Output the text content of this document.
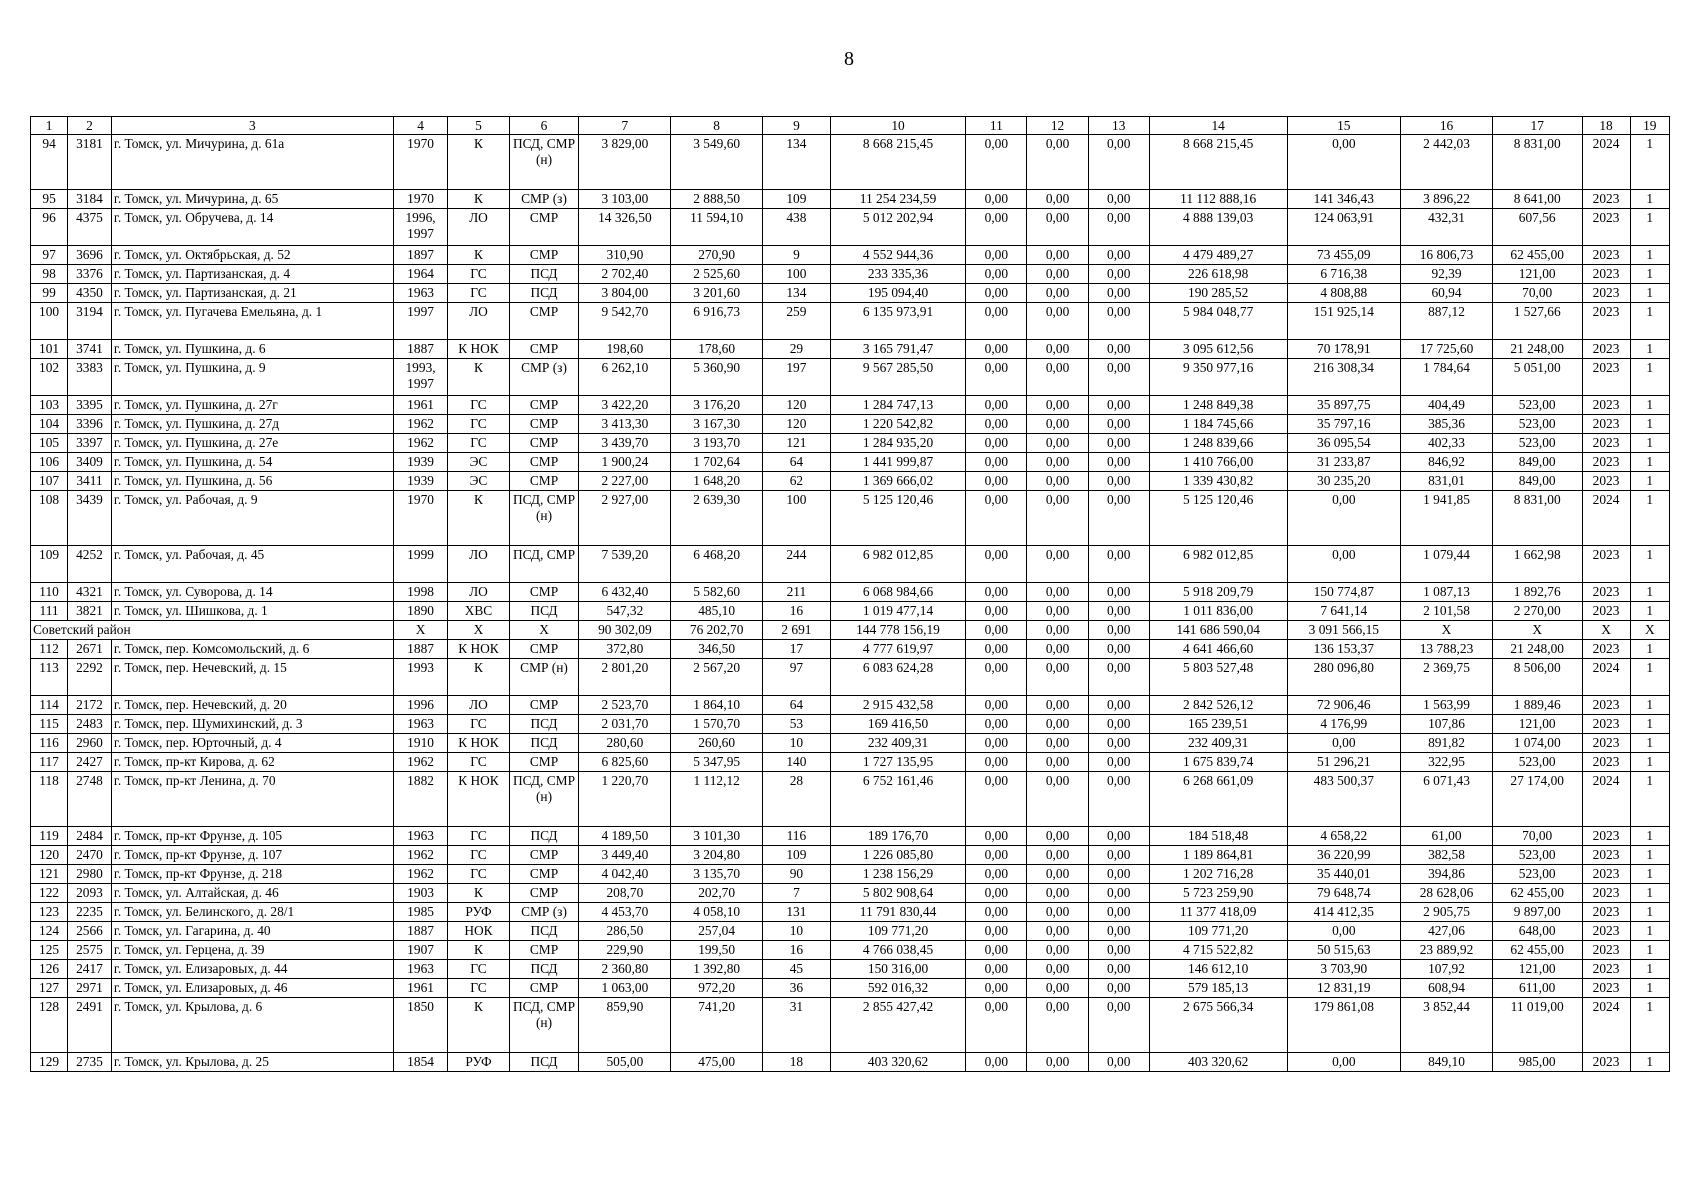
8
1	2	3	4	5	6	7	8	9	10	11	12	13	14	15	16	17	18	19
94	3181	г. Томск, ул. Мичурина, д. 61а	1970	К	ПСД, СМР (н)	3 829,00	3 549,60	134	8 668 215,45	0,00	0,00	0,00	8 668 215,45	0,00	2 442,03	8 831,00	2024	1
95	3184	г. Томск, ул. Мичурина, д. 65	1970	К	СМР (з)	3 103,00	2 888,50	109	11 254 234,59	0,00	0,00	0,00	11 112 888,16	141 346,43	3 896,22	8 641,00	2023	1
96	4375	г. Томск, ул. Обручева, д. 14	1996, 1997	ЛО	СМР	14 326,50	11 594,10	438	5 012 202,94	0,00	0,00	0,00	4 888 139,03	124 063,91	432,31	607,56	2023	1
97	3696	г. Томск, ул. Октябрьская, д. 52	1897	К	СМР	310,90	270,90	9	4 552 944,36	0,00	0,00	0,00	4 479 489,27	73 455,09	16 806,73	62 455,00	2023	1
98	3376	г. Томск, ул. Партизанская, д. 4	1964	ГС	ПСД	2 702,40	2 525,60	100	233 335,36	0,00	0,00	0,00	226 618,98	6 716,38	92,39	121,00	2023	1
99	4350	г. Томск, ул. Партизанская, д. 21	1963	ГС	ПСД	3 804,00	3 201,60	134	195 094,40	0,00	0,00	0,00	190 285,52	4 808,88	60,94	70,00	2023	1
100	3194	г. Томск, ул. Пугачева Емельяна, д. 1	1997	ЛО	СМР	9 542,70	6 916,73	259	6 135 973,91	0,00	0,00	0,00	5 984 048,77	151 925,14	887,12	1 527,66	2023	1
101	3741	г. Томск, ул. Пушкина, д. 6	1887	К НОК	СМР	198,60	178,60	29	3 165 791,47	0,00	0,00	0,00	3 095 612,56	70 178,91	17 725,60	21 248,00	2023	1
102	3383	г. Томск, ул. Пушкина, д. 9	1993, 1997	К	СМР (з)	6 262,10	5 360,90	197	9 567 285,50	0,00	0,00	0,00	9 350 977,16	216 308,34	1 784,64	5 051,00	2023	1
103	3395	г. Томск, ул. Пушкина, д. 27г	1961	ГС	СМР	3 422,20	3 176,20	120	1 284 747,13	0,00	0,00	0,00	1 248 849,38	35 897,75	404,49	523,00	2023	1
104	3396	г. Томск, ул. Пушкина, д. 27д	1962	ГС	СМР	3 413,30	3 167,30	120	1 220 542,82	0,00	0,00	0,00	1 184 745,66	35 797,16	385,36	523,00	2023	1
105	3397	г. Томск, ул. Пушкина, д. 27е	1962	ГС	СМР	3 439,70	3 193,70	121	1 284 935,20	0,00	0,00	0,00	1 248 839,66	36 095,54	402,33	523,00	2023	1
106	3409	г. Томск, ул. Пушкина, д. 54	1939	ЭС	СМР	1 900,24	1 702,64	64	1 441 999,87	0,00	0,00	0,00	1 410 766,00	31 233,87	846,92	849,00	2023	1
107	3411	г. Томск, ул. Пушкина, д. 56	1939	ЭС	СМР	2 227,00	1 648,20	62	1 369 666,02	0,00	0,00	0,00	1 339 430,82	30 235,20	831,01	849,00	2023	1
108	3439	г. Томск, ул. Рабочая, д. 9	1970	К	ПСД, СМР (н)	2 927,00	2 639,30	100	5 125 120,46	0,00	0,00	0,00	5 125 120,46	0,00	1 941,85	8 831,00	2024	1
109	4252	г. Томск, ул. Рабочая, д. 45	1999	ЛО	ПСД, СМР	7 539,20	6 468,20	244	6 982 012,85	0,00	0,00	0,00	6 982 012,85	0,00	1 079,44	1 662,98	2023	1
110	4321	г. Томск, ул. Суворова, д. 14	1998	ЛО	СМР	6 432,40	5 582,60	211	6 068 984,66	0,00	0,00	0,00	5 918 209,79	150 774,87	1 087,13	1 892,76	2023	1
111	3821	г. Томск, ул. Шишкова, д. 1	1890	ХВС	ПСД	547,32	485,10	16	1 019 477,14	0,00	0,00	0,00	1 011 836,00	7 641,14	2 101,58	2 270,00	2023	1
Советский район			Х	Х	Х	90 302,09	76 202,70	2 691	144 778 156,19	0,00	0,00	0,00	141 686 590,04	3 091 566,15	Х	Х	Х	Х
112	2671	г. Томск, пер. Комсомольский, д. 6	1887	К НОК	СМР	372,80	346,50	17	4 777 619,97	0,00	0,00	0,00	4 641 466,60	136 153,37	13 788,23	21 248,00	2023	1
113	2292	г. Томск, пер. Нечевский, д. 15	1993	К	СМР (н)	2 801,20	2 567,20	97	6 083 624,28	0,00	0,00	0,00	5 803 527,48	280 096,80	2 369,75	8 506,00	2024	1
114	2172	г. Томск, пер. Нечевский, д. 20	1996	ЛО	СМР	2 523,70	1 864,10	64	2 915 432,58	0,00	0,00	0,00	2 842 526,12	72 906,46	1 563,99	1 889,46	2023	1
115	2483	г. Томск, пер. Шумихинский, д. 3	1963	ГС	ПСД	2 031,70	1 570,70	53	169 416,50	0,00	0,00	0,00	165 239,51	4 176,99	107,86	121,00	2023	1
116	2960	г. Томск, пер. Юрточный, д. 4	1910	К НОК	ПСД	280,60	260,60	10	232 409,31	0,00	0,00	0,00	232 409,31	0,00	891,82	1 074,00	2023	1
117	2427	г. Томск, пр-кт Кирова, д. 62	1962	ГС	СМР	6 825,60	5 347,95	140	1 727 135,95	0,00	0,00	0,00	1 675 839,74	51 296,21	322,95	523,00	2023	1
118	2748	г. Томск, пр-кт Ленина, д. 70	1882	К НОК	ПСД, СМР (н)	1 220,70	1 112,12	28	6 752 161,46	0,00	0,00	0,00	6 268 661,09	483 500,37	6 071,43	27 174,00	2024	1
119	2484	г. Томск, пр-кт Фрунзе, д. 105	1963	ГС	ПСД	4 189,50	3 101,30	116	189 176,70	0,00	0,00	0,00	184 518,48	4 658,22	61,00	70,00	2023	1
120	2470	г. Томск, пр-кт Фрунзе, д. 107	1962	ГС	СМР	3 449,40	3 204,80	109	1 226 085,80	0,00	0,00	0,00	1 189 864,81	36 220,99	382,58	523,00	2023	1
121	2980	г. Томск, пр-кт Фрунзе, д. 218	1962	ГС	СМР	4 042,40	3 135,70	90	1 238 156,29	0,00	0,00	0,00	1 202 716,28	35 440,01	394,86	523,00	2023	1
122	2093	г. Томск, ул. Алтайская, д. 46	1903	К	СМР	208,70	202,70	7	5 802 908,64	0,00	0,00	0,00	5 723 259,90	79 648,74	28 628,06	62 455,00	2023	1
123	2235	г. Томск, ул. Белинского, д. 28/1	1985	РУФ	СМР (з)	4 453,70	4 058,10	131	11 791 830,44	0,00	0,00	0,00	11 377 418,09	414 412,35	2 905,75	9 897,00	2023	1
124	2566	г. Томск, ул. Гагарина, д. 40	1887	НОК	ПСД	286,50	257,04	10	109 771,20	0,00	0,00	0,00	109 771,20	0,00	427,06	648,00	2023	1
125	2575	г. Томск, ул. Герцена, д. 39	1907	К	СМР	229,90	199,50	16	4 766 038,45	0,00	0,00	0,00	4 715 522,82	50 515,63	23 889,92	62 455,00	2023	1
126	2417	г. Томск, ул. Елизаровых, д. 44	1963	ГС	ПСД	2 360,80	1 392,80	45	150 316,00	0,00	0,00	0,00	146 612,10	3 703,90	107,92	121,00	2023	1
127	2971	г. Томск, ул. Елизаровых, д. 46	1961	ГС	СМР	1 063,00	972,20	36	592 016,32	0,00	0,00	0,00	579 185,13	12 831,19	608,94	611,00	2023	1
128	2491	г. Томск, ул. Крылова, д. 6	1850	К	ПСД, СМР (н)	859,90	741,20	31	2 855 427,42	0,00	0,00	0,00	2 675 566,34	179 861,08	3 852,44	11 019,00	2024	1
129	2735	г. Томск, ул. Крылова, д. 25	1854	РУФ	ПСД	505,00	475,00	18	403 320,62	0,00	0,00	0,00	403 320,62	0,00	849,10	985,00	2023	1
